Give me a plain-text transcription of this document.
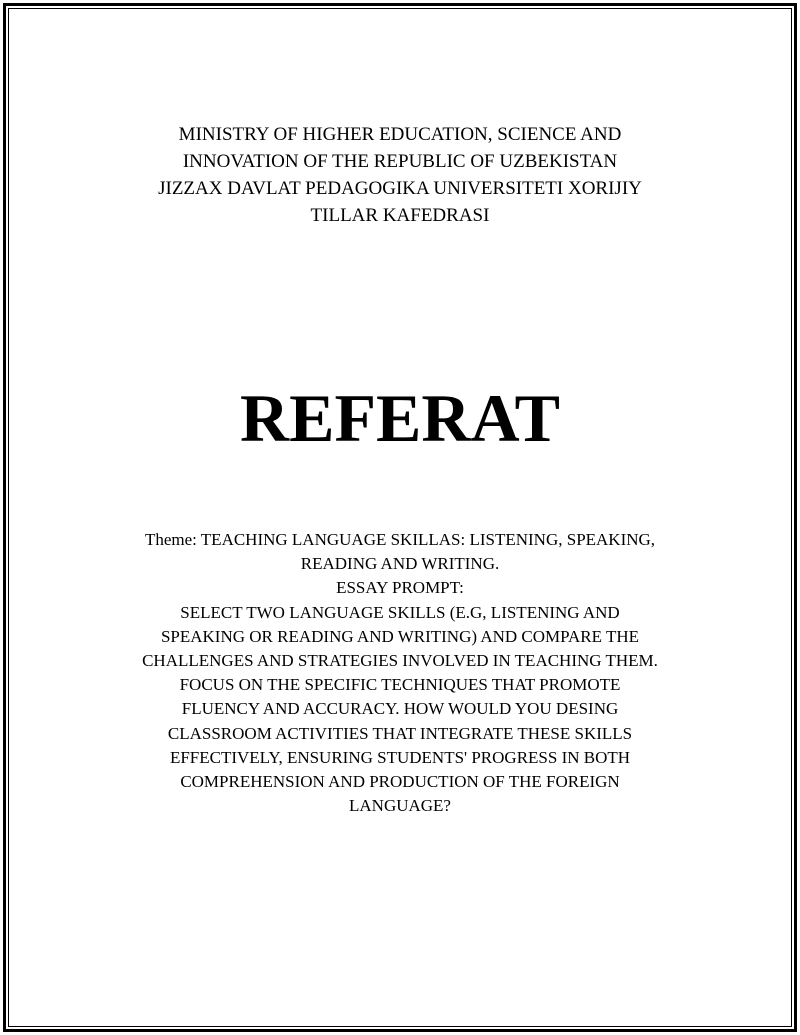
MINISTRY OF HIGHER EDUCATION, SCIENCE AND
INNOVATION OF THE REPUBLIC OF UZBEKISTAN
JIZZAX DAVLAT PEDAGOGIKA UNIVERSITETI XORIJIY
TILLAR KAFEDRASI
REFERAT
Theme: TEACHING LANGUAGE SKILLAS: LISTENING, SPEAKING,
READING AND WRITING.
ESSAY PROMPT:
SELECT TWO LANGUAGE SKILLS (E.G, LISTENING AND
SPEAKING OR READING AND WRITING) AND COMPARE THE
CHALLENGES AND STRATEGIES INVOLVED IN TEACHING THEM.
FOCUS ON THE SPECIFIC TECHNIQUES THAT PROMOTE
FLUENCY AND ACCURACY. HOW WOULD YOU DESING
CLASSROOM ACTIVITIES THAT INTEGRATE THESE SKILLS
EFFECTIVELY, ENSURING STUDENTS' PROGRESS IN BOTH
COMPREHENSION AND PRODUCTION OF THE FOREIGN
LANGUAGE?
